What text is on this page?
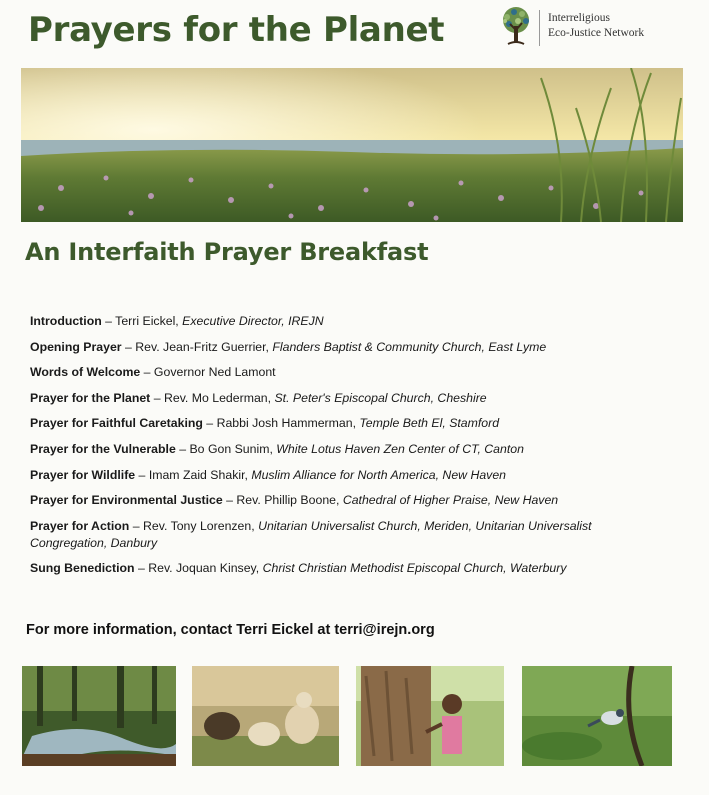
Prayers for the Planet	Interreligious
Eco-Justice Network
An Interfaith Prayer Breakfast

Introduction – Terri Eickel, Executive Director, IREJN

Opening Prayer – Rev. Jean-Fritz Guerrier, Flanders Baptist & Community Church, East Lyme

Words of Welcome – Governor Ned Lamont

Prayer for the Planet – Rev. Mo Lederman, St. Peter's Episcopal Church, Cheshire

Prayer for Faithful Caretaking – Rabbi Josh Hammerman, Temple Beth El, Stamford

Prayer for the Vulnerable – Bo Gon Sunim, White Lotus Haven Zen Center of CT, Canton

Prayer for Wildlife – Imam Zaid Shakir, Muslim Alliance for North America, New Haven

Prayer for Environmental Justice – Rev. Phillip Boone, Cathedral of Higher Praise, New Haven

Prayer for Action – Rev. Tony Lorenzen, Unitarian Universalist Church, Meriden, Unitarian Universalist Congregation, Danbury

Sung Benediction – Rev. Joquan Kinsey, Christ Christian Methodist Episcopal Church, Waterbury

For more information, contact Terri Eickel at terri@irejn.org
